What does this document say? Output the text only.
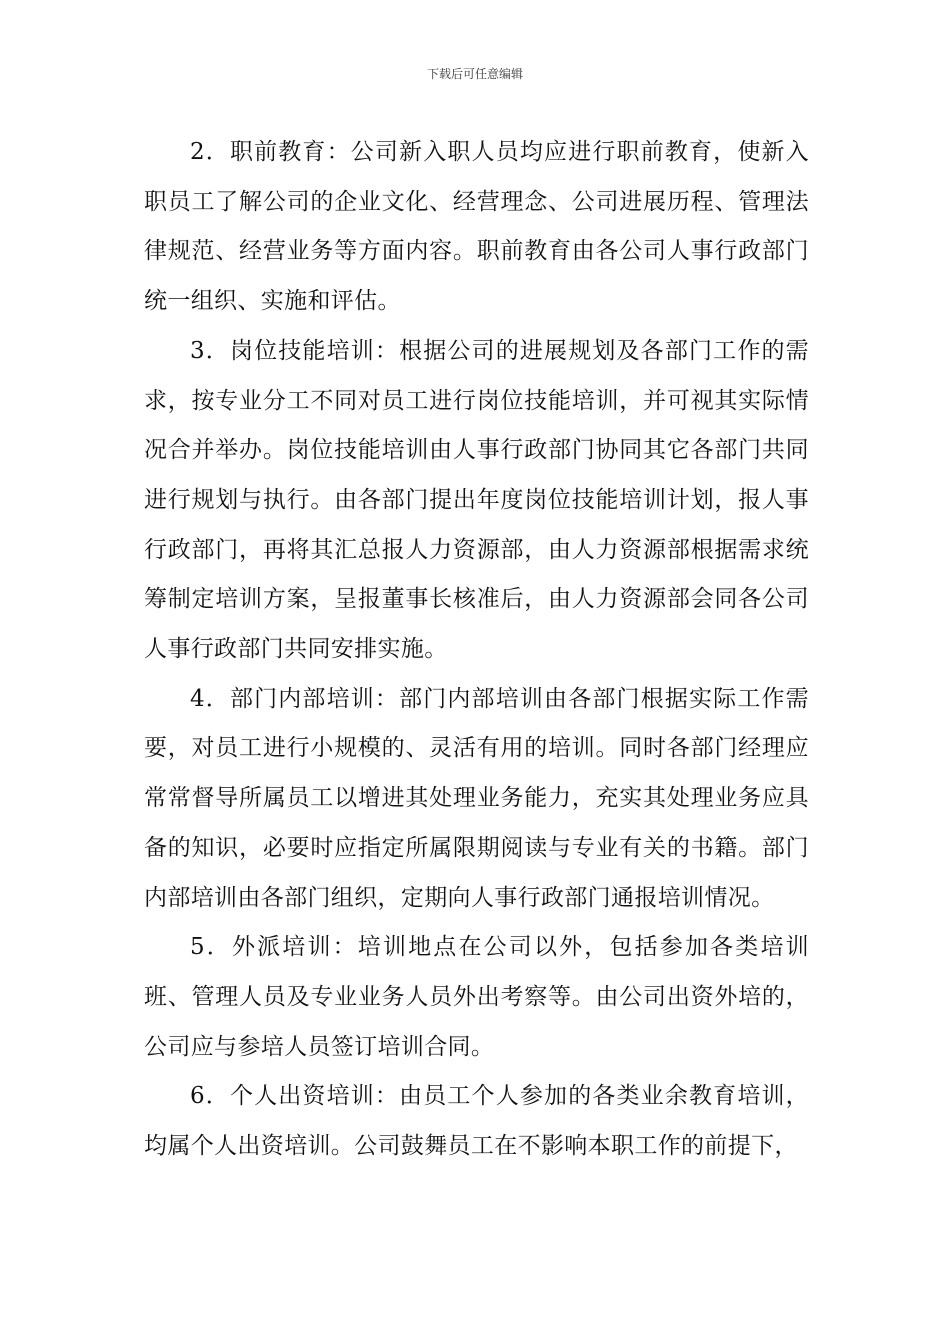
下载后可任意编辑

2．职前教育：公司新入职人员均应进行职前教育，使新入职员工了解公司的企业文化、经营理念、公司进展历程、管理法律规范、经营业务等方面内容。职前教育由各公司人事行政部门统一组织、实施和评估。

3．岗位技能培训：根据公司的进展规划及各部门工作的需求，按专业分工不同对员工进行岗位技能培训，并可视其实际情况合并举办。岗位技能培训由人事行政部门协同其它各部门共同进行规划与执行。由各部门提出年度岗位技能培训计划，报人事行政部门，再将其汇总报人力资源部，由人力资源部根据需求统筹制定培训方案，呈报董事长核准后，由人力资源部会同各公司人事行政部门共同安排实施。

4．部门内部培训：部门内部培训由各部门根据实际工作需要，对员工进行小规模的、灵活有用的培训。同时各部门经理应常常督导所属员工以增进其处理业务能力，充实其处理业务应具备的知识，必要时应指定所属限期阅读与专业有关的书籍。部门内部培训由各部门组织，定期向人事行政部门通报培训情况。

5．外派培训：培训地点在公司以外，包括参加各类培训班、管理人员及专业业务人员外出考察等。由公司出资外培的，公司应与参培人员签订培训合同。

6．个人出资培训：由员工个人参加的各类业余教育培训，均属个人出资培训。公司鼓舞员工在不影响本职工作的前提下，
